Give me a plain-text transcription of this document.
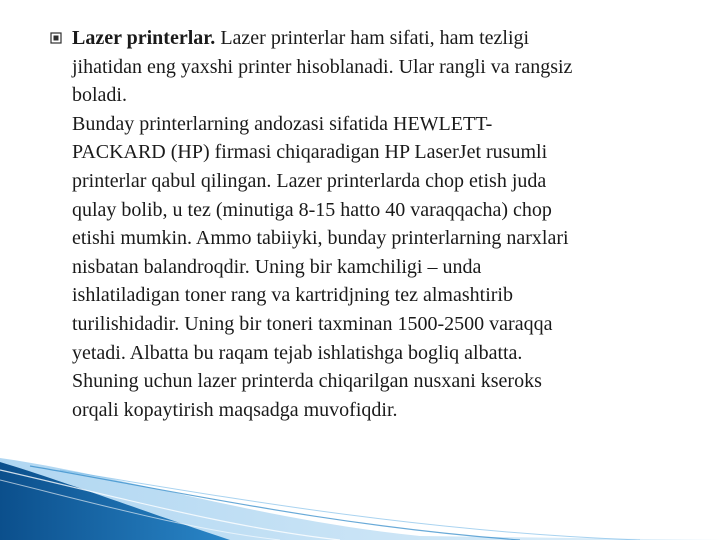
Lazer printerlar. Lazer printerlar ham sifati, ham tezligi
jihatidan eng yaxshi printer hisoblanadi. Ular rangli va rangsiz
boladi.
Bunday printerlarning andozasi sifatida HEWLETT-
PACKARD (HP) firmasi chiqaradigan HP LaserJet rusumli
printerlar qabul qilingan. Lazer printerlarda chop etish juda
qulay bolib, u tez (minutiga 8-15 hatto 40 varaqqacha) chop
etishi mumkin. Ammo tabiiyki, bunday printerlarning narxlari
nisbatan balandroqdir. Uning bir kamchiligi – unda
ishlatiladigan toner rang va kartridjning tez almashtirib
turilishidadir. Uning bir toneri taxminan 1500-2500 varaqqa
yetadi. Albatta bu raqam tejab ishlatishga bogliq albatta.
Shuning uchun lazer printerda chiqarilgan nusxani kseroks
orqali kopaytirish maqsadga muvofiqdir.
